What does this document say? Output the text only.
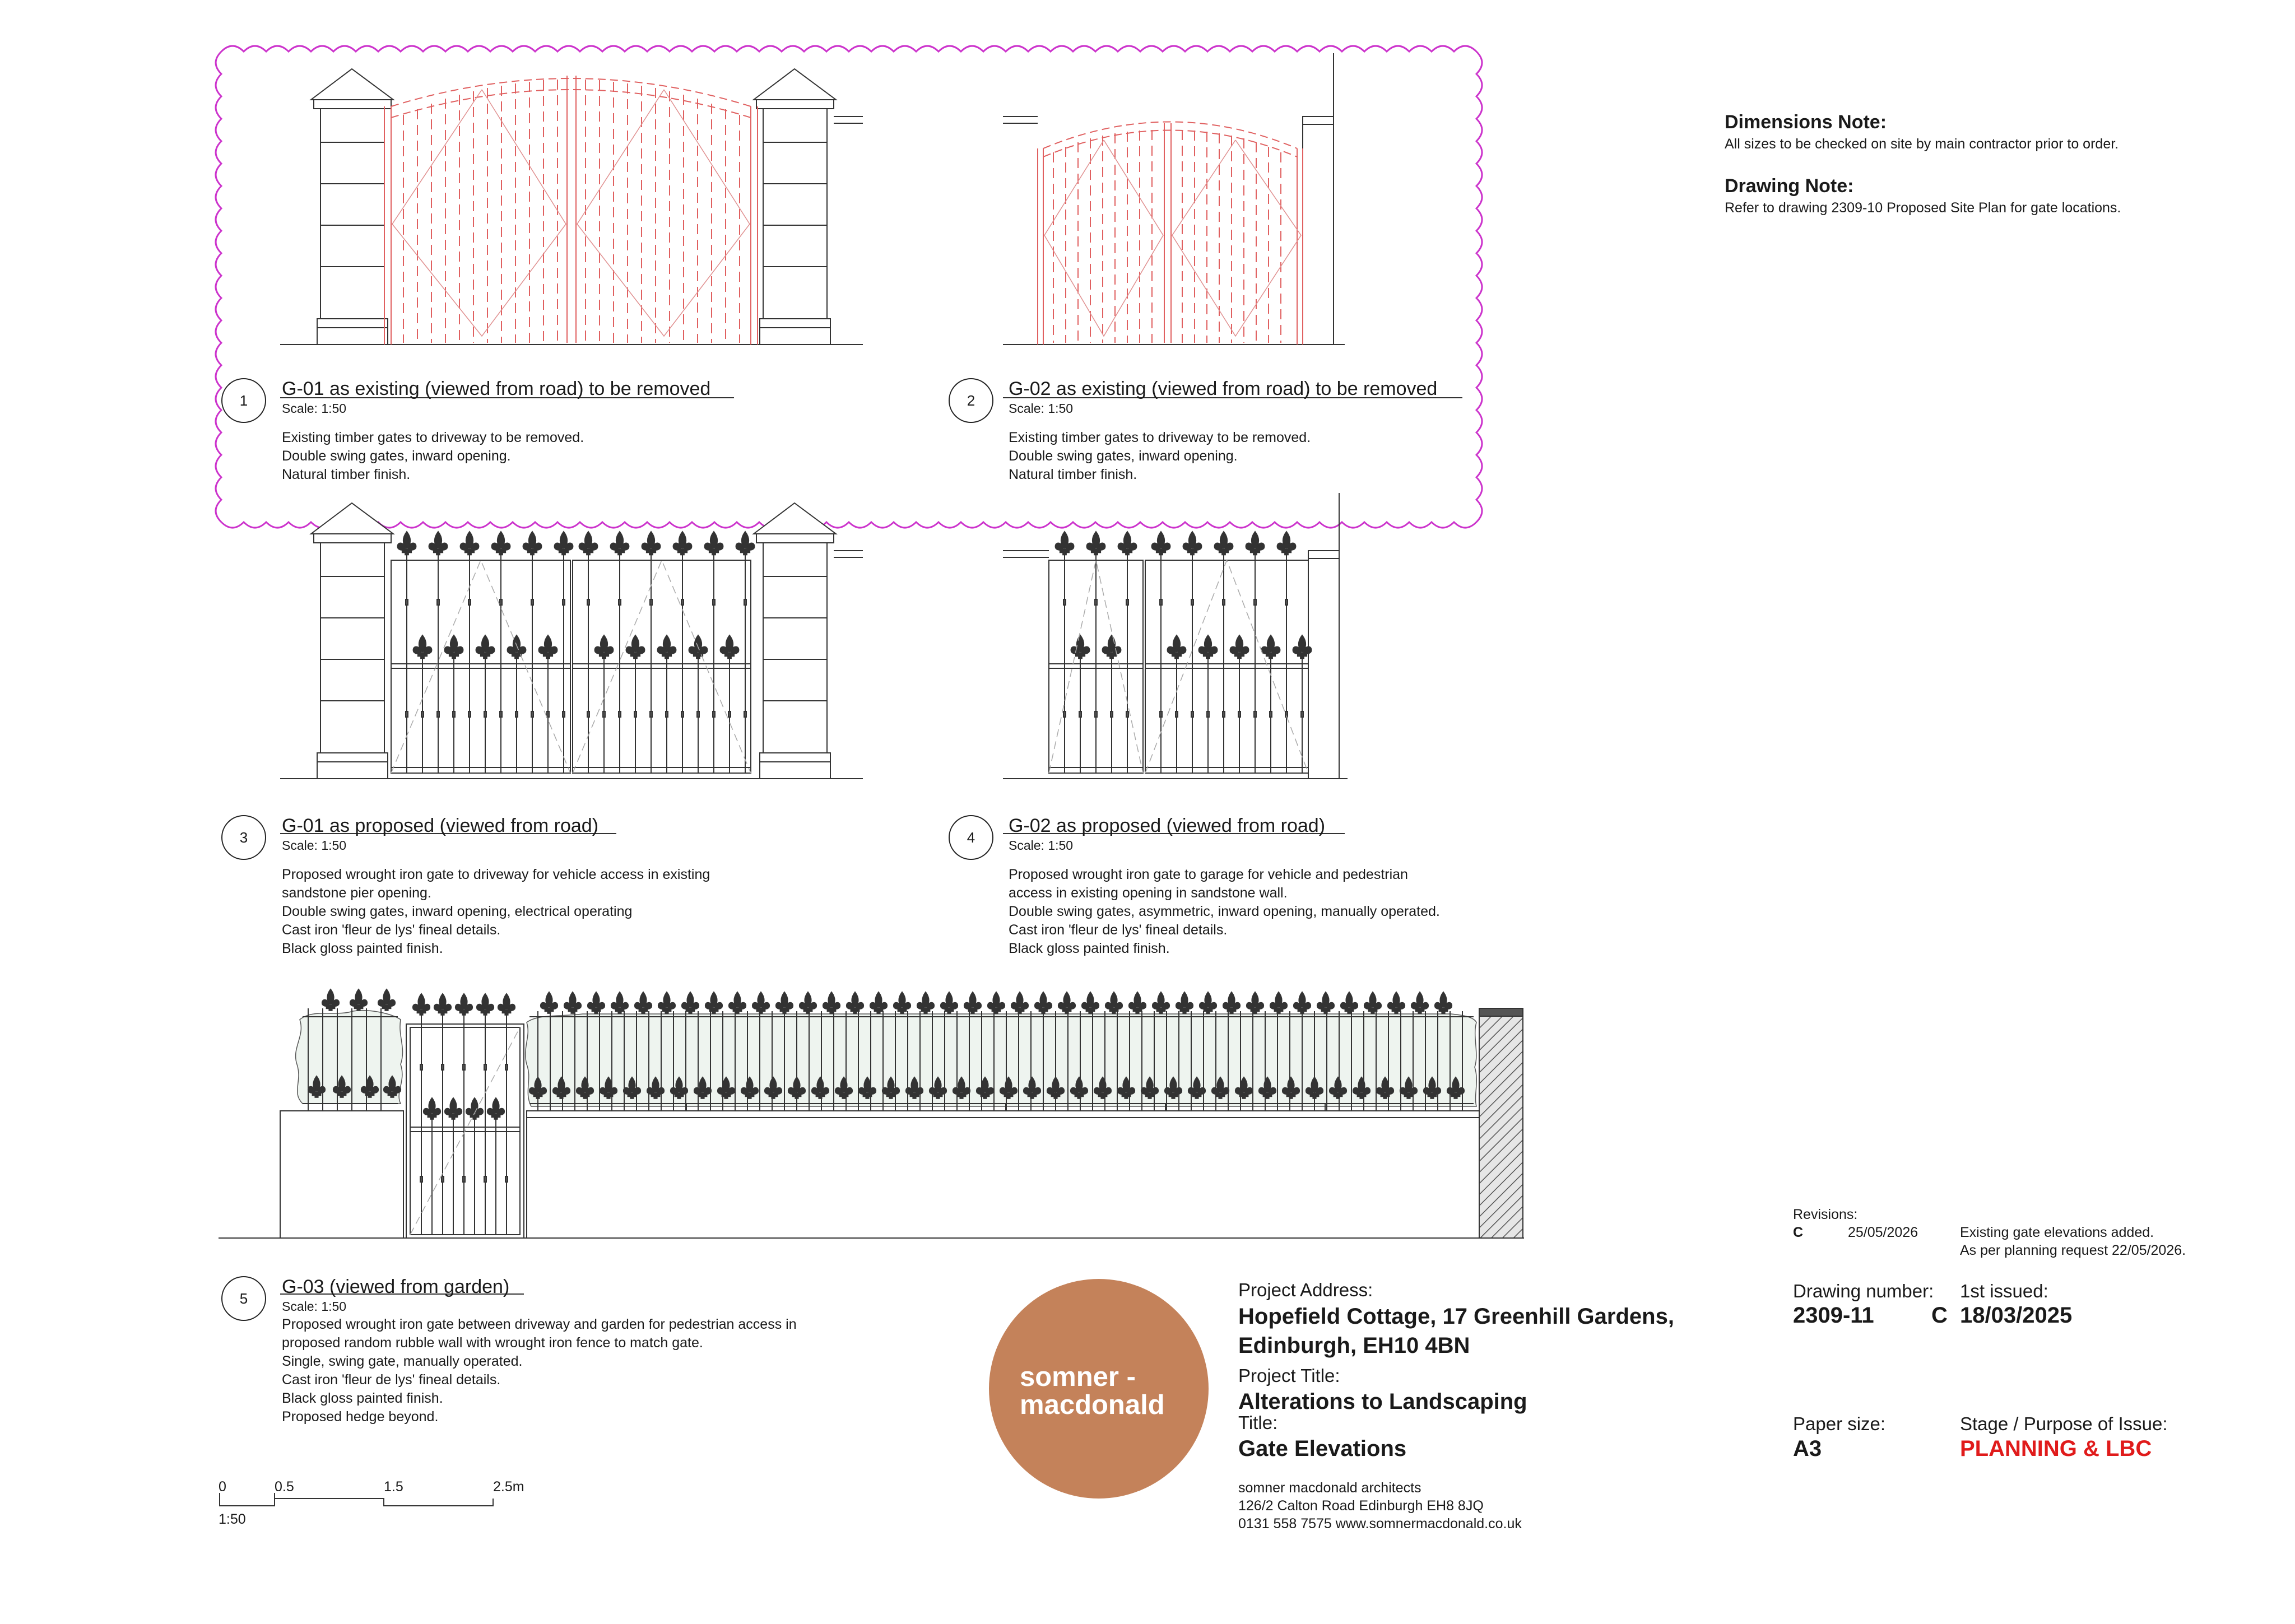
Dimensions Note:
All sizes to be checked on site by main contractor prior to order.
Drawing Note:
Refer to drawing 2309-10 Proposed Site Plan for gate locations.
1
G-01 as existing (viewed from road) to be removed
Scale: 1:50
Existing timber gates to driveway to be removed.
Double swing gates, inward opening.
Natural timber finish.
2
G-02 as existing (viewed from road) to be removed
Scale: 1:50
Existing timber gates to driveway to be removed.
Double swing gates, inward opening.
Natural timber finish.
3
G-01 as proposed (viewed from road)
Scale: 1:50
Proposed wrought iron gate to driveway for vehicle access in existing
sandstone pier opening.
Double swing gates, inward opening, electrical operating
Cast iron 'fleur de lys' fineal details.
Black gloss painted finish.
4
G-02 as proposed (viewed from road)
Scale: 1:50
Proposed wrought iron gate to garage for vehicle and pedestrian
access in existing opening in sandstone wall.
Double swing gates, asymmetric, inward opening, manually operated.
Cast iron 'fleur de lys' fineal details.
Black gloss painted finish.
5
G-03 (viewed from garden)
Scale: 1:50
Proposed wrought iron gate between driveway and garden for pedestrian access in
proposed random rubble wall with wrought iron fence to match gate.
Single, swing gate, manually operated.
Cast iron 'fleur de lys' fineal details.
Black gloss painted finish.
Proposed hedge beyond.
0	0.5	1.5	2.5m
1:50
somner -
macdonald
Project Address:
Hopefield Cottage, 17 Greenhill Gardens,
Edinburgh, EH10 4BN
Project Title:
Alterations to Landscaping
Title:
Gate Elevations
somner macdonald architects
126/2 Calton Road Edinburgh EH8 8JQ
0131 558 7575 www.somnermacdonald.co.uk
Revisions:
C	25/05/2026	Existing gate elevations added.
As per planning request 22/05/2026.
Drawing number:
2309-11	C
1st issued:
18/03/2025
Paper size:
A3
Stage / Purpose of Issue:
PLANNING & LBC
